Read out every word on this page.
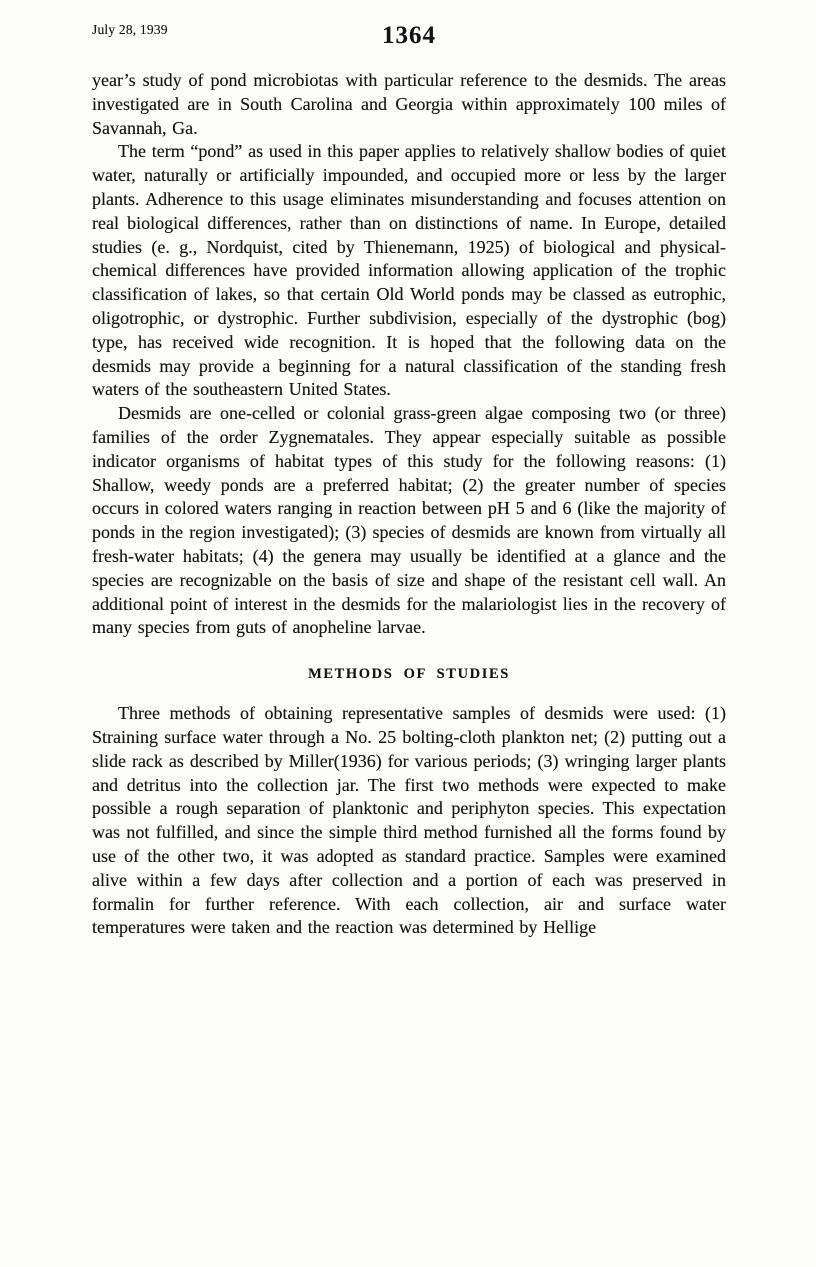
July 28, 1939	1364

year’s study of pond microbiotas with particular reference to the desmids. The areas investigated are in South Carolina and Georgia within approximately 100 miles of Savannah, Ga.

The term “pond” as used in this paper applies to relatively shallow bodies of quiet water, naturally or artificially impounded, and occupied more or less by the larger plants. Adherence to this usage eliminates misunderstanding and focuses attention on real biological differences, rather than on distinctions of name. In Europe, detailed studies (e. g., Nordquist, cited by Thienemann, 1925) of biological and physical-chemical differences have provided information allowing application of the trophic classification of lakes, so that certain Old World ponds may be classed as eutrophic, oligotrophic, or dystrophic. Further subdivision, especially of the dystrophic (bog) type, has received wide recognition. It is hoped that the following data on the desmids may provide a beginning for a natural classification of the standing fresh waters of the southeastern United States.

Desmids are one-celled or colonial grass-green algae composing two (or three) families of the order Zygnematales. They appear especially suitable as possible indicator organisms of habitat types of this study for the following reasons: (1) Shallow, weedy ponds are a preferred habitat; (2) the greater number of species occurs in colored waters ranging in reaction between pH 5 and 6 (like the majority of ponds in the region investigated); (3) species of desmids are known from virtually all fresh-water habitats; (4) the genera may usually be identified at a glance and the species are recognizable on the basis of size and shape of the resistant cell wall. An additional point of interest in the desmids for the malariologist lies in the recovery of many species from guts of anopheline larvae.

METHODS OF STUDIES

Three methods of obtaining representative samples of desmids were used: (1) Straining surface water through a No. 25 bolting-cloth plankton net; (2) putting out a slide rack as described by Miller(1936) for various periods; (3) wringing larger plants and detritus into the collection jar. The first two methods were expected to make possible a rough separation of planktonic and periphyton species. This expectation was not fulfilled, and since the simple third method furnished all the forms found by use of the other two, it was adopted as standard practice. Samples were examined alive within a few days after collection and a portion of each was preserved in formalin for further reference. With each collection, air and surface water temperatures were taken and the reaction was determined by Hellige
